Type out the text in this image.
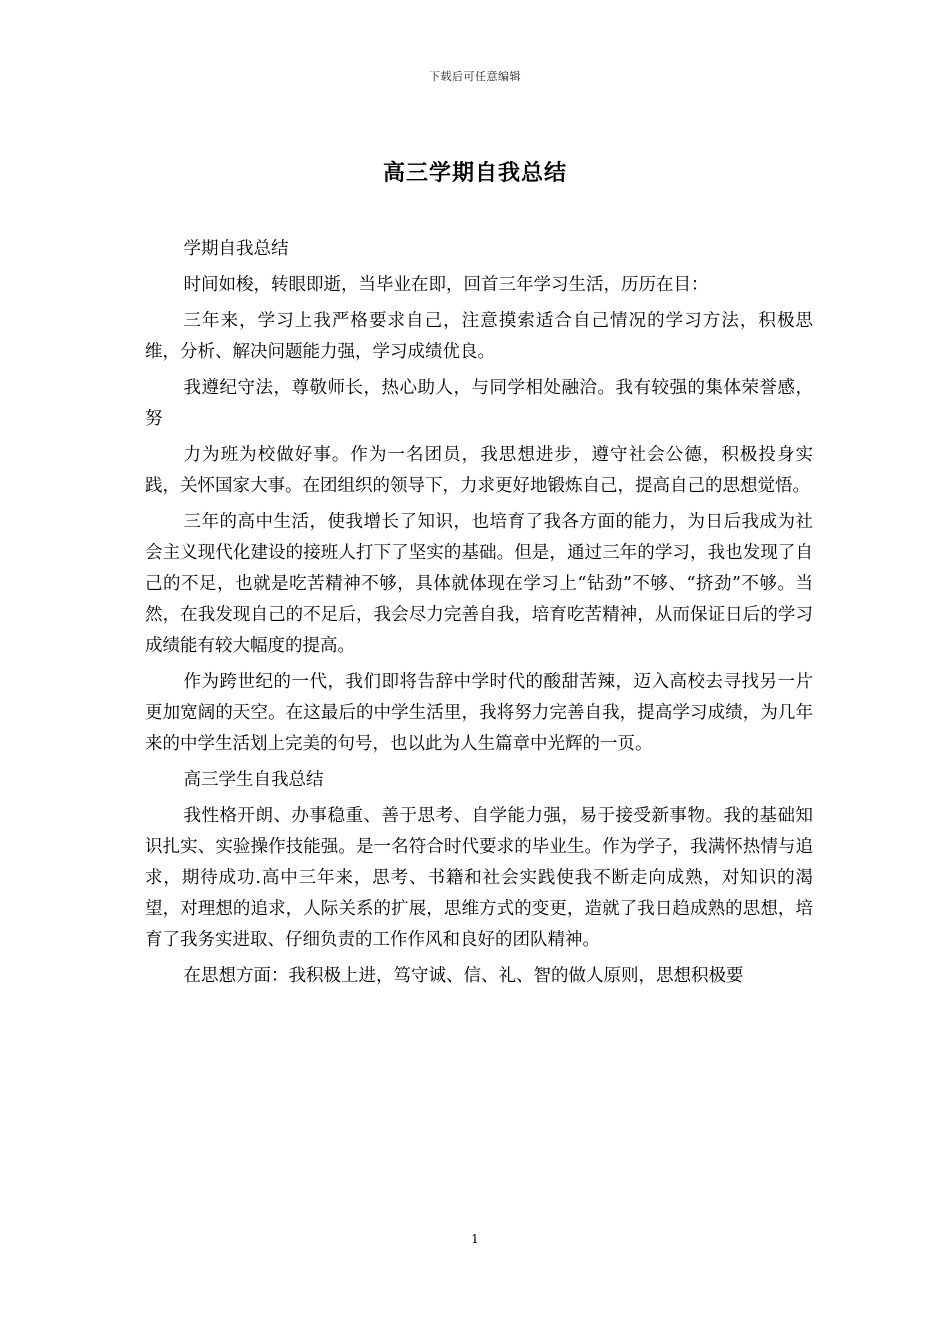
下载后可任意编辑
高三学期自我总结

学期自我总结

时间如梭，转眼即逝，当毕业在即，回首三年学习生活，历历在目：

三年来，学习上我严格要求自己，注意摸索适合自己情况的学习方法，积极思维，分析、解决问题能力强，学习成绩优良。

我遵纪守法，尊敬师长，热心助人，与同学相处融洽。我有较强的集体荣誉感，努

力为班为校做好事。作为一名团员，我思想进步，遵守社会公德，积极投身实践，关怀国家大事。在团组织的领导下，力求更好地锻炼自己，提高自己的思想觉悟。

三年的高中生活，使我增长了知识，也培育了我各方面的能力，为日后我成为社会主义现代化建设的接班人打下了坚实的基础。但是，通过三年的学习，我也发现了自己的不足，也就是吃苦精神不够，具体就体现在学习上“钻劲”不够、“挤劲”不够。当然，在我发现自己的不足后，我会尽力完善自我，培育吃苦精神，从而保证日后的学习成绩能有较大幅度的提高。

作为跨世纪的一代，我们即将告辞中学时代的酸甜苦辣，迈入高校去寻找另一片更加宽阔的天空。在这最后的中学生活里，我将努力完善自我，提高学习成绩，为几年来的中学生活划上完美的句号，也以此为人生篇章中光辉的一页。

高三学生自我总结

我性格开朗、办事稳重、善于思考、自学能力强，易于接受新事物。我的基础知识扎实、实验操作技能强。是一名符合时代要求的毕业生。作为学子，我满怀热情与追求，期待成功.高中三年来，思考、书籍和社会实践使我不断走向成熟，对知识的渴望，对理想的追求，人际关系的扩展，思维方式的变更，造就了我日趋成熟的思想，培育了我务实进取、仔细负责的工作作风和良好的团队精神。

在思想方面：我积极上进，笃守诚、信、礼、智的做人原则，思想积极要

1
